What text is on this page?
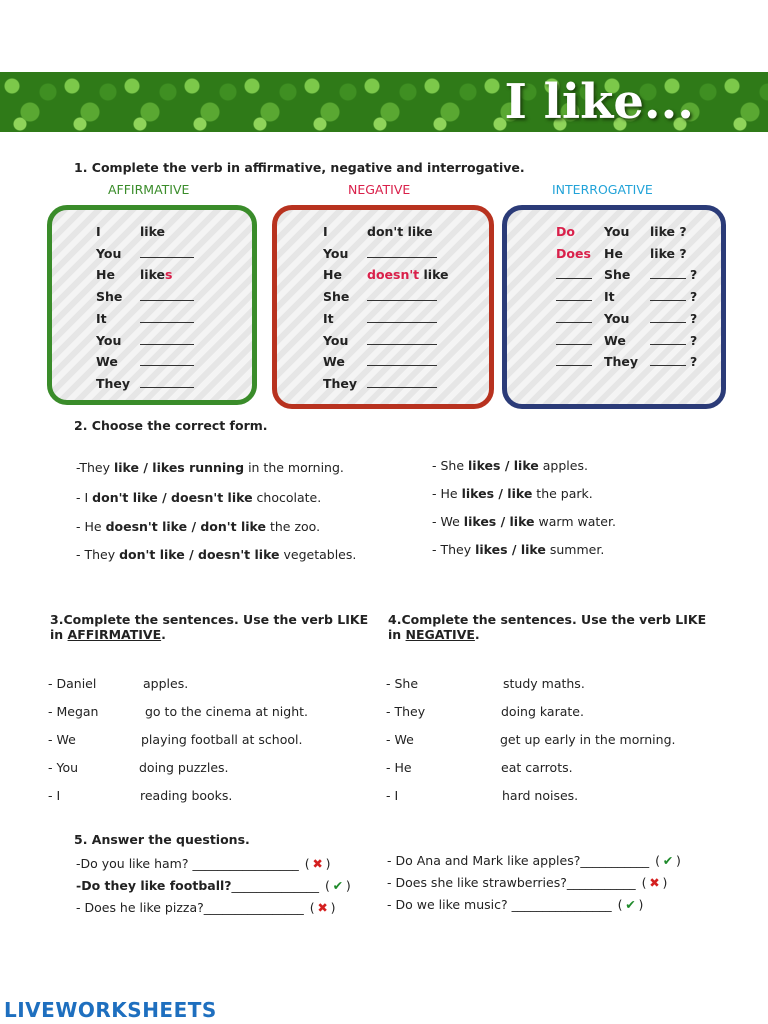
I like...
1. Complete the verb in affirmative, negative and interrogative.
AFFIRMATIVE	NEGATIVE	INTERROGATIVE
I	like
You
He likes
She
It
You
We
They
I	don't like
You
He doesn't like
She
It
You
We
They
Do You like ?
Does He like ?
She	?
It	?
You	?
We	?
They	?
2. Choose the correct form.
-They like / likes running in the morning.
- I don't like / doesn't like chocolate.
- He doesn't like / don't like the zoo.
- They don't like / doesn't like vegetables.
- She likes / like apples.
- He likes / like the park.
- We likes / like warm water.
- They likes / like summer.
3.Complete the sentences. Use the verb LIKE
in AFFIRMATIVE.
- Daniel	apples.
- Megan	go to the cinema at night.
- We	playing football at school.
- You	doing puzzles.
- I	reading books.
4.Complete the sentences. Use the verb LIKE
in NEGATIVE.
- She	study maths.
- They	doing karate.
- We	get up early in the morning.
- He	eat carrots.
- I	hard noises.
5. Answer the questions.
-Do you like ham? _________________ ( ✖ )
-Do they like football?______________ ( ✔ )
- Does he like pizza?________________ ( ✖ )
- Do Ana and Mark like apples?___________ ( ✔ )
- Does she like strawberries?___________ ( ✖ )
- Do we like music? ________________ ( ✔ )
LIVEWORKSHEETS
